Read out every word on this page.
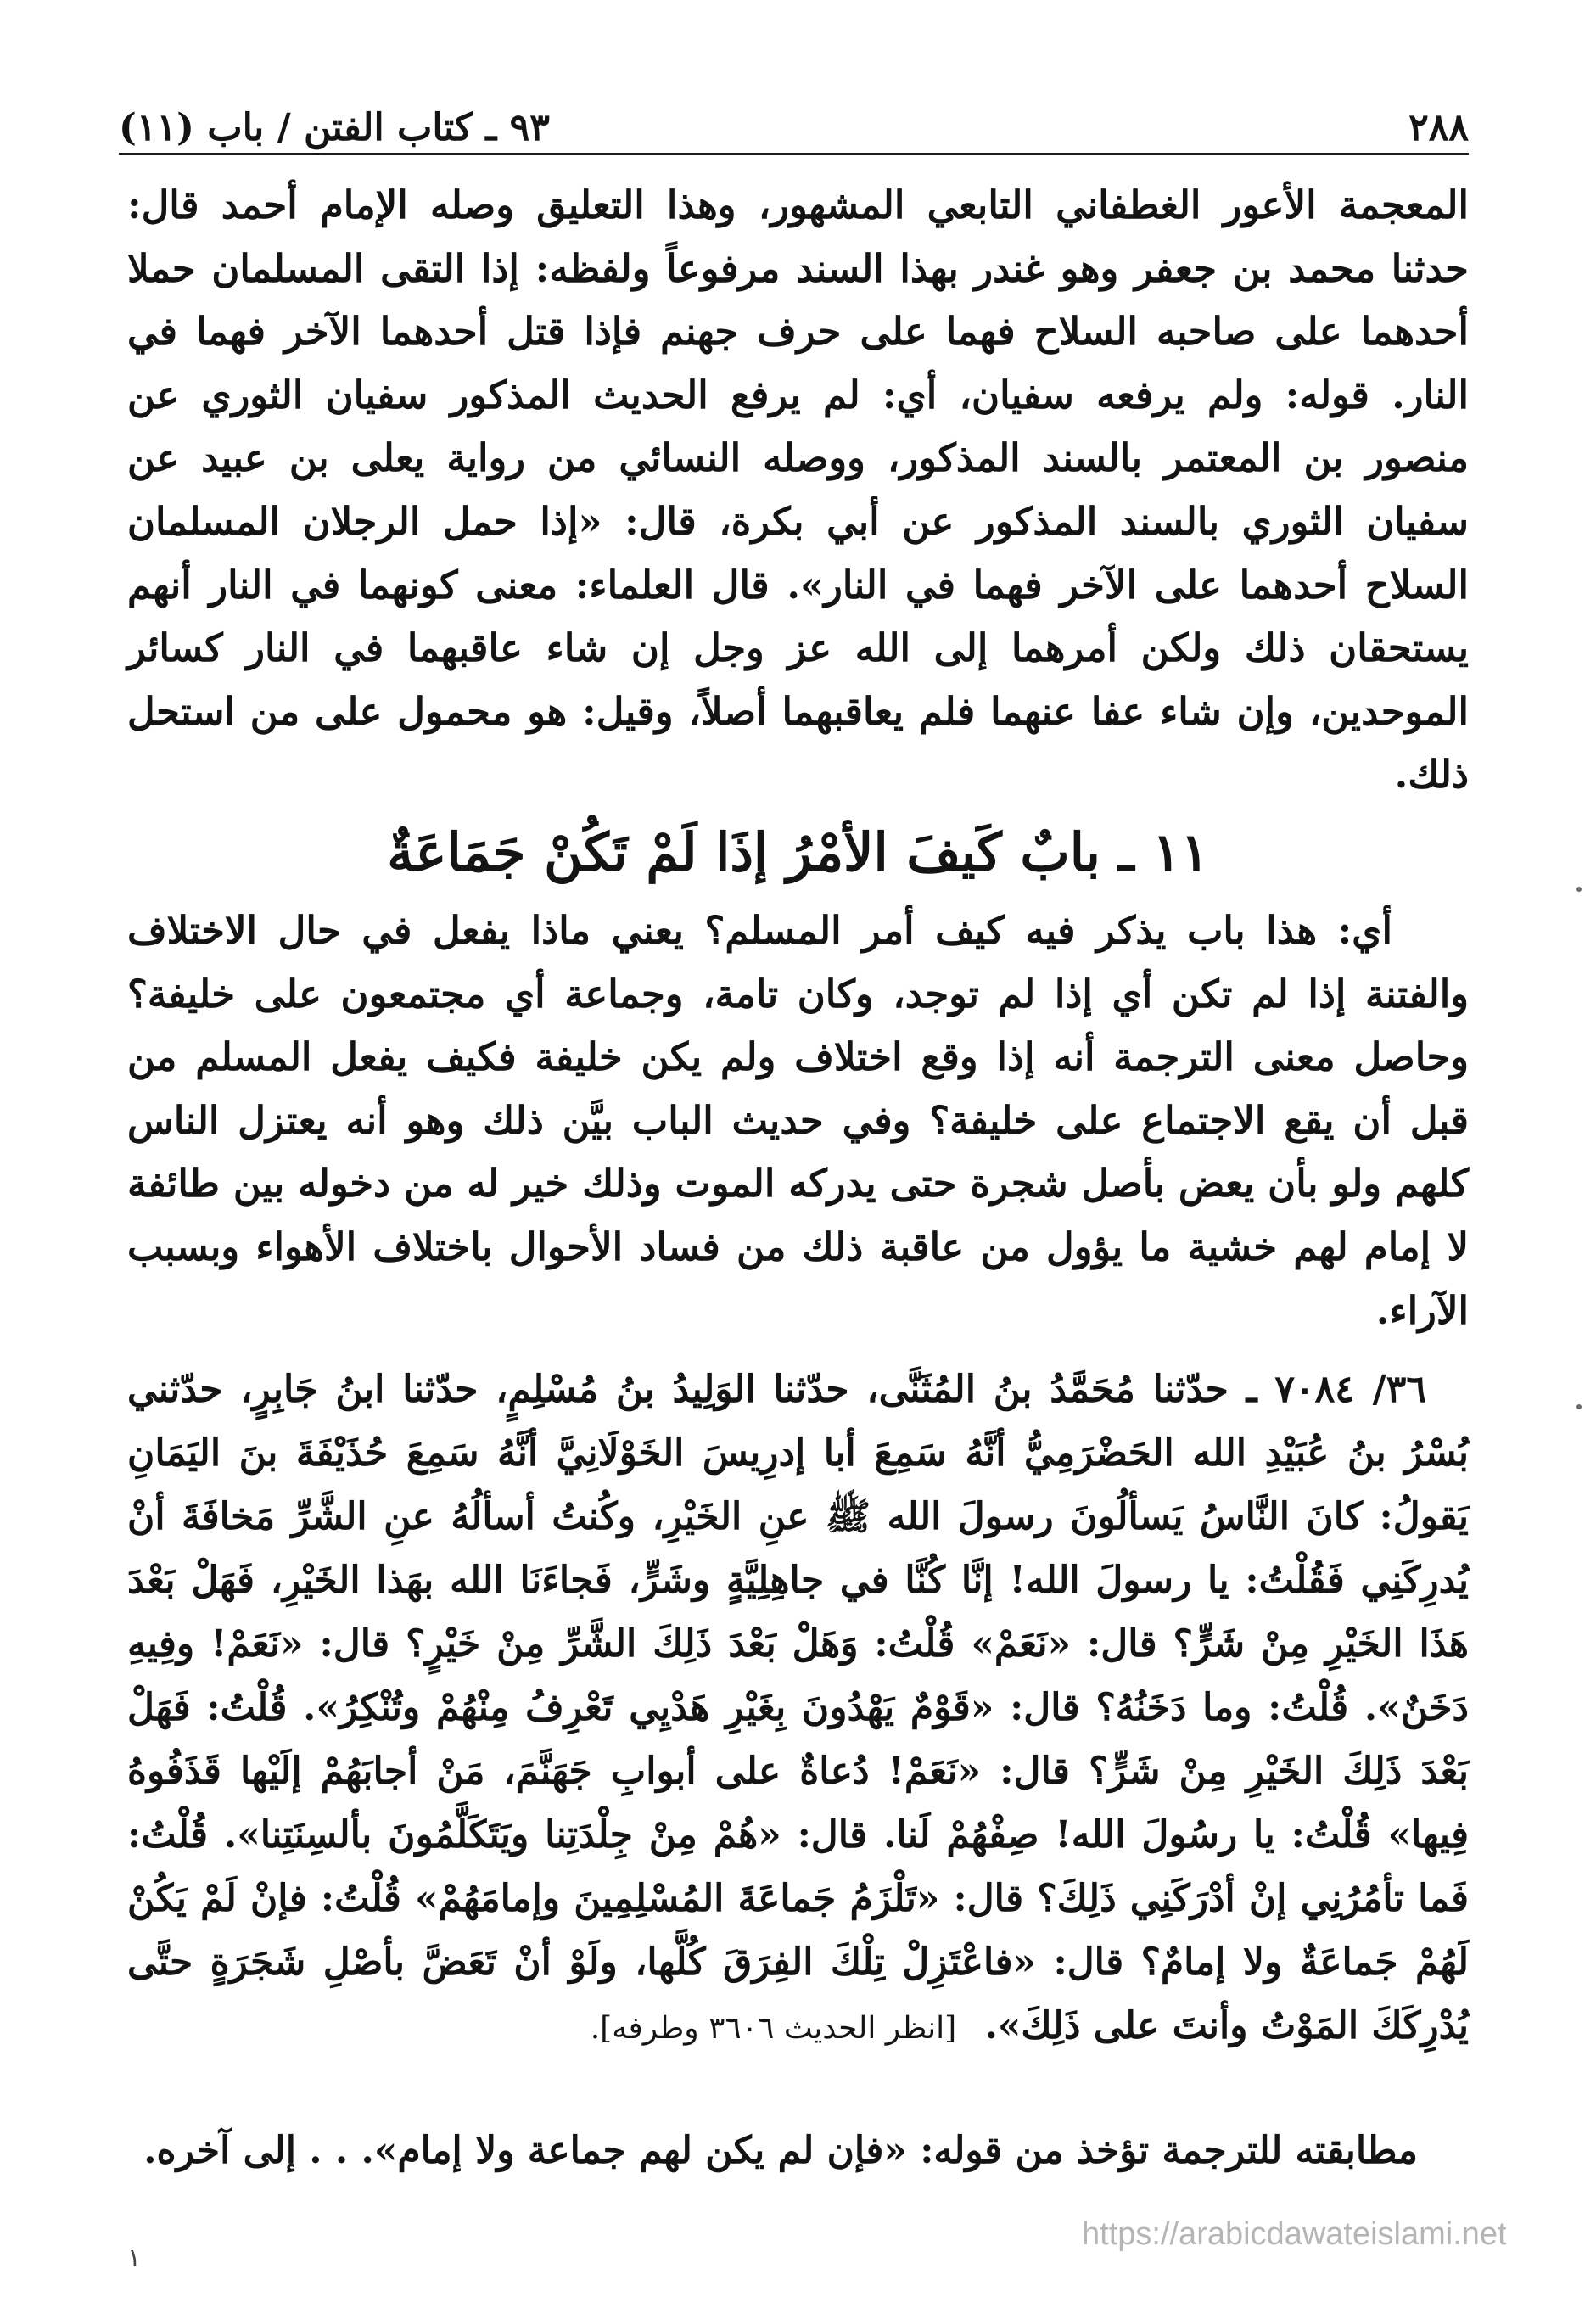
٢٨٨
٩٣ ـ كتاب الفتن / باب (١١)

المعجمة الأعور الغطفاني التابعي المشهور، وهذا التعليق وصله الإمام أحمد قال: حدثنا محمد بن جعفر وهو غندر بهذا السند مرفوعاً ولفظه: إذا التقى المسلمان حملا أحدهما على صاحبه السلاح فهما على حرف جهنم فإذا قتل أحدهما الآخر فهما في النار. قوله: ولم يرفعه سفيان، أي: لم يرفع الحديث المذكور سفيان الثوري عن منصور بن المعتمر بالسند المذكور، ووصله النسائي من رواية يعلى بن عبيد عن سفيان الثوري بالسند المذكور عن أبي بكرة، قال: «إذا حمل الرجلان المسلمان السلاح أحدهما على الآخر فهما في النار». قال العلماء: معنى كونهما في النار أنهم يستحقان ذلك ولكن أمرهما إلى الله عز وجل إن شاء عاقبهما في النار كسائر الموحدين، وإن شاء عفا عنهما فلم يعاقبهما أصلاً، وقيل: هو محمول على من استحل ذلك.

١١ ـ بابٌ كَيفَ الأمْرُ إذَا لَمْ تَكُنْ جَمَاعَةٌ

أي: هذا باب يذكر فيه كيف أمر المسلم؟ يعني ماذا يفعل في حال الاختلاف والفتنة إذا لم تكن أي إذا لم توجد، وكان تامة، وجماعة أي مجتمعون على خليفة؟ وحاصل معنى الترجمة أنه إذا وقع اختلاف ولم يكن خليفة فكيف يفعل المسلم من قبل أن يقع الاجتماع على خليفة؟ وفي حديث الباب بيَّن ذلك وهو أنه يعتزل الناس كلهم ولو بأن يعض بأصل شجرة حتى يدركه الموت وذلك خير له من دخوله بين طائفة لا إمام لهم خشية ما يؤول من عاقبة ذلك من فساد الأحوال باختلاف الأهواء وبسبب الآراء.

٣٦/ ٧٠٨٤ ـ حدّثنا مُحَمَّدُ بنُ المُثَنَّى، حدّثنا الوَلِيدُ بنُ مُسْلِمٍ، حدّثنا ابنُ جَابِرٍ، حدّثني بُسْرُ بنُ عُبَيْدِ الله الحَضْرَمِيُّ أنَّهُ سَمِعَ أبا إدرِيسَ الخَوْلَانِيَّ أنَّهُ سَمِعَ حُذَيْفَةَ بنَ اليَمَانِ يَقولُ: كانَ النَّاسُ يَسألُونَ رسولَ الله ﷺ عنِ الخَيْرِ، وكُنتُ أسألُهُ عنِ الشَّرِّ مَخافَةَ أنْ يُدرِكَنِي فَقُلْتُ: يا رسولَ الله! إنَّا كُنَّا في جاهِلِيَّةٍ وشَرٍّ، فَجاءَنَا الله بهَذا الخَيْرِ، فَهَلْ بَعْدَ هَذَا الخَيْرِ مِنْ شَرٍّ؟ قال: «نَعَمْ» قُلْتُ: وَهَلْ بَعْدَ ذَلِكَ الشَّرِّ مِنْ خَيْرٍ؟ قال: «نَعَمْ! وفِيهِ دَخَنٌ». قُلْتُ: وما دَخَنُهُ؟ قال: «قَوْمٌ يَهْدُونَ بِغَيْرِ هَدْيِي تَعْرِفُ مِنْهُمْ وتُنْكِرُ». قُلْتُ: فَهَلْ بَعْدَ ذَلِكَ الخَيْرِ مِنْ شَرٍّ؟ قال: «نَعَمْ! دُعاةٌ على أبوابِ جَهَنَّمَ، مَنْ أجابَهُمْ إلَيْها قَذَفُوهُ فِيها» قُلْتُ: يا رسُولَ الله! صِفْهُمْ لَنا. قال: «هُمْ مِنْ جِلْدَتِنا ويَتَكَلَّمُونَ بألسِنَتِنا». قُلْتُ: فَما تأمُرُنِي إنْ أدْرَكَنِي ذَلِكَ؟ قال: «تَلْزَمُ جَماعَةَ المُسْلِمِينَ وإمامَهُمْ» قُلْتُ: فإنْ لَمْ يَكُنْ لَهُمْ جَماعَةٌ ولا إمامٌ؟ قال: «فاعْتَزِلْ تِلْكَ الفِرَقَ كُلَّها، ولَوْ أنْ تَعَضَّ بأصْلِ شَجَرَةٍ حتَّى يُدْرِكَكَ المَوْتُ وأنتَ على ذَلِكَ». [انظر الحديث ٣٦٠٦ وطرفه].

مطابقته للترجمة تؤخذ من قوله: «فإن لم يكن لهم جماعة ولا إمام». . . إلى آخره.

https://arabicdawateislami.net
١
